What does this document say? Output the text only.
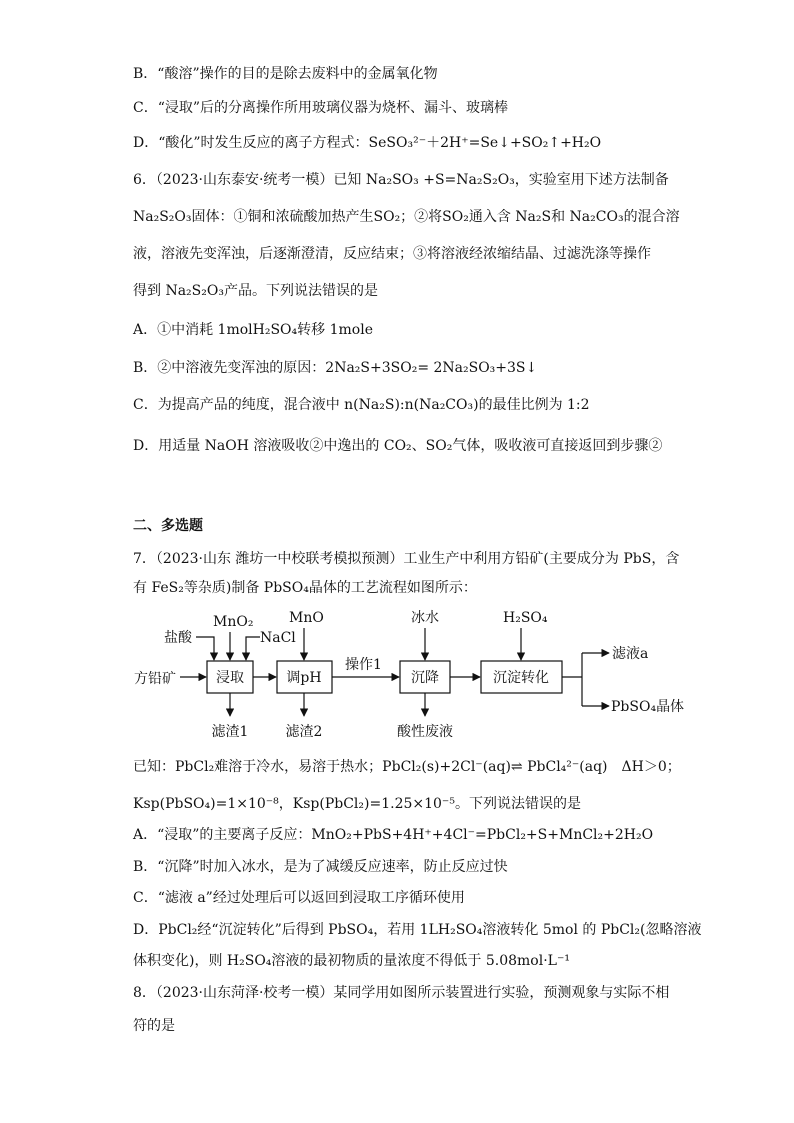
B．“酸溶”操作的目的是除去废料中的金属氧化物
C．“浸取”后的分离操作所用玻璃仪器为烧杯、漏斗、玻璃棒
D．“酸化”时发生反应的离子方程式：SeSO₃²⁻＋2H⁺=Se↓+SO₂↑+H₂O
6．（2023·山东泰安·统考一模）已知 Na₂SO₃ +S=Na₂S₂O₃，实验室用下述方法制备
Na₂S₂O₃固体：①铜和浓硫酸加热产生SO₂；②将SO₂通入含 Na₂S和 Na₂CO₃的混合溶
液，溶液先变浑浊，后逐渐澄清，反应结束；③将溶液经浓缩结晶、过滤洗涤等操作
得到 Na₂S₂O₃产品。下列说法错误的是
A．①中消耗 1molH₂SO₄转移 1mole
B．②中溶液先变浑浊的原因：2Na₂S+3SO₂= 2Na₂SO₃+3S↓
C．为提高产品的纯度，混合液中 n(Na₂S):n(Na₂CO₃)的最佳比例为 1:2
D．用适量 NaOH 溶液吸收②中逸出的 CO₂、SO₂气体，吸收液可直接返回到步骤②
二、多选题
7．（2023·山东 潍坊一中校联考模拟预测）工业生产中利用方铅矿(主要成分为 PbS，含
有 FeS₂等杂质)制备 PbSO₄晶体的工艺流程如图所示：
浸取	调pH	沉降	沉淀转化
方铅矿
盐酸
MnO₂
NaCl
MnO
操作1
冰水	H₂SO₄
滤液a
PbSO₄晶体
滤渣1	滤渣2	酸性废液
已知：PbCl₂难溶于冷水，易溶于热水；PbCl₂(s)+2Cl⁻(aq)⇌ PbCl₄²⁻(aq)　ΔH＞0；
Ksp(PbSO₄)=1×10⁻⁸，Ksp(PbCl₂)=1.25×10⁻⁵。下列说法错误的是
A．“浸取”的主要离子反应：MnO₂+PbS+4H⁺+4Cl⁻=PbCl₂+S+MnCl₂+2H₂O
B．“沉降”时加入冰水，是为了减缓反应速率，防止反应过快
C．“滤液 a”经过处理后可以返回到浸取工序循环使用
D．PbCl₂经“沉淀转化”后得到 PbSO₄，若用 1LH₂SO₄溶液转化 5mol 的 PbCl₂(忽略溶液
体积变化)，则 H₂SO₄溶液的最初物质的量浓度不得低于 5.08mol·L⁻¹
8．（2023·山东菏泽·校考一模）某同学用如图所示装置进行实验，预测观象与实际不相
符的是
